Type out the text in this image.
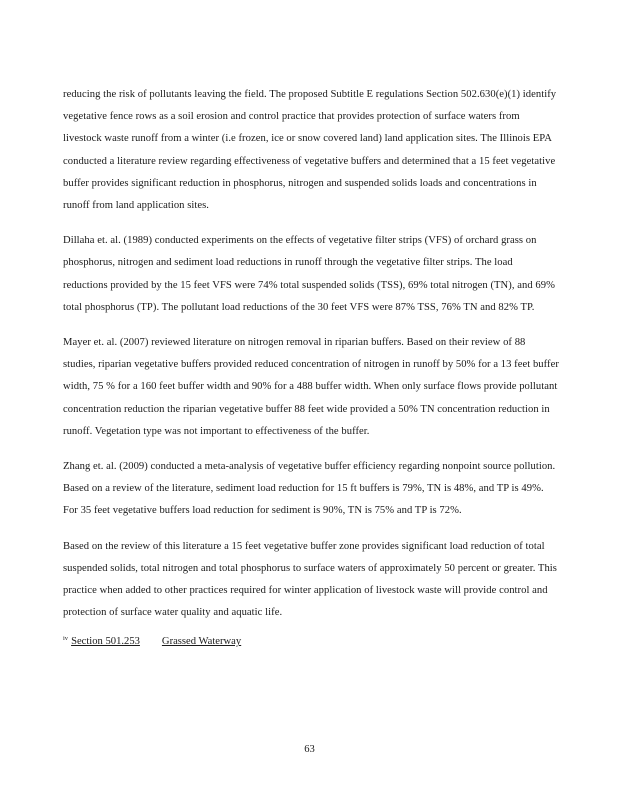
reducing the risk of pollutants leaving the field. The proposed Subtitle E regulations Section 502.630(e)(1) identify vegetative fence rows as a soil erosion and control practice that provides protection of surface waters from livestock waste runoff from a winter (i.e frozen, ice or snow covered land) land application sites. The Illinois EPA conducted a literature review regarding effectiveness of vegetative buffers and determined that a 15 feet vegetative buffer provides significant reduction in phosphorus, nitrogen and suspended solids loads and concentrations in runoff from land application sites.

Dillaha et. al. (1989) conducted experiments on the effects of vegetative filter strips (VFS) of orchard grass on phosphorus, nitrogen and sediment load reductions in runoff through the vegetative filter strips. The load reductions provided by the 15 feet VFS were 74% total suspended solids (TSS), 69% total nitrogen (TN), and 69% total phosphorus (TP). The pollutant load reductions of the 30 feet VFS were 87% TSS, 76% TN and 82% TP.

Mayer et. al. (2007) reviewed literature on nitrogen removal in riparian buffers. Based on their review of 88 studies, riparian vegetative buffers provided reduced concentration of nitrogen in runoff by 50% for a 13 feet buffer width, 75 % for a 160 feet buffer width and 90% for a 488 buffer width. When only surface flows provide pollutant concentration reduction the riparian vegetative buffer 88 feet wide provided a 50% TN concentration reduction in runoff. Vegetation type was not important to effectiveness of the buffer.

Zhang et. al. (2009) conducted a meta-analysis of vegetative buffer efficiency regarding nonpoint source pollution. Based on a review of the literature, sediment load reduction for 15 ft buffers is 79%, TN is 48%, and TP is 49%. For 35 feet vegetative buffers load reduction for sediment is 90%, TN is 75% and TP is 72%.

Based on the review of this literature a 15 feet vegetative buffer zone provides significant load reduction of total suspended solids, total nitrogen and total phosphorus to surface waters of approximately 50 percent or greater. This practice when added to other practices required for winter application of livestock waste will provide control and protection of surface water quality and aquatic life.

iv Section 501.253 Grassed Waterway
63
